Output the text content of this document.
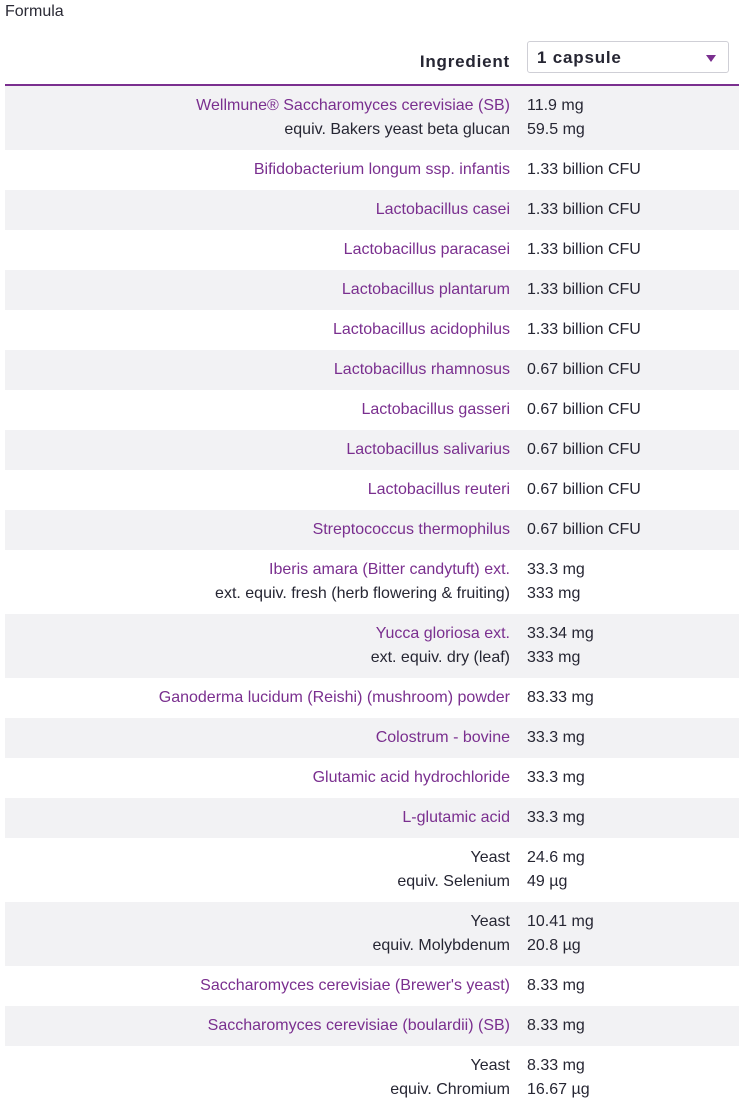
Formula
Ingredient 1 capsule
Wellmune® Saccharomyces cerevisiae (SB)
equiv. Bakers yeast beta glucan
11.9 mg
59.5 mg
Bifidobacterium longum ssp. infantis 1.33 billion CFU
Lactobacillus casei 1.33 billion CFU
Lactobacillus paracasei 1.33 billion CFU
Lactobacillus plantarum 1.33 billion CFU
Lactobacillus acidophilus 1.33 billion CFU
Lactobacillus rhamnosus 0.67 billion CFU
Lactobacillus gasseri 0.67 billion CFU
Lactobacillus salivarius 0.67 billion CFU
Lactobacillus reuteri 0.67 billion CFU
Streptococcus thermophilus 0.67 billion CFU
Iberis amara (Bitter candytuft) ext.
ext. equiv. fresh (herb flowering & fruiting)
33.3 mg
333 mg
Yucca gloriosa ext.
ext. equiv. dry (leaf)
33.34 mg
333 mg
Ganoderma lucidum (Reishi) (mushroom) powder 83.33 mg
Colostrum - bovine 33.3 mg
Glutamic acid hydrochloride 33.3 mg
L-glutamic acid 33.3 mg
Yeast
equiv. Selenium
24.6 mg
49 µg
Yeast
equiv. Molybdenum
10.41 mg
20.8 µg
Saccharomyces cerevisiae (Brewer's yeast) 8.33 mg
Saccharomyces cerevisiae (boulardii) (SB) 8.33 mg
Yeast
equiv. Chromium
8.33 mg
16.67 µg
